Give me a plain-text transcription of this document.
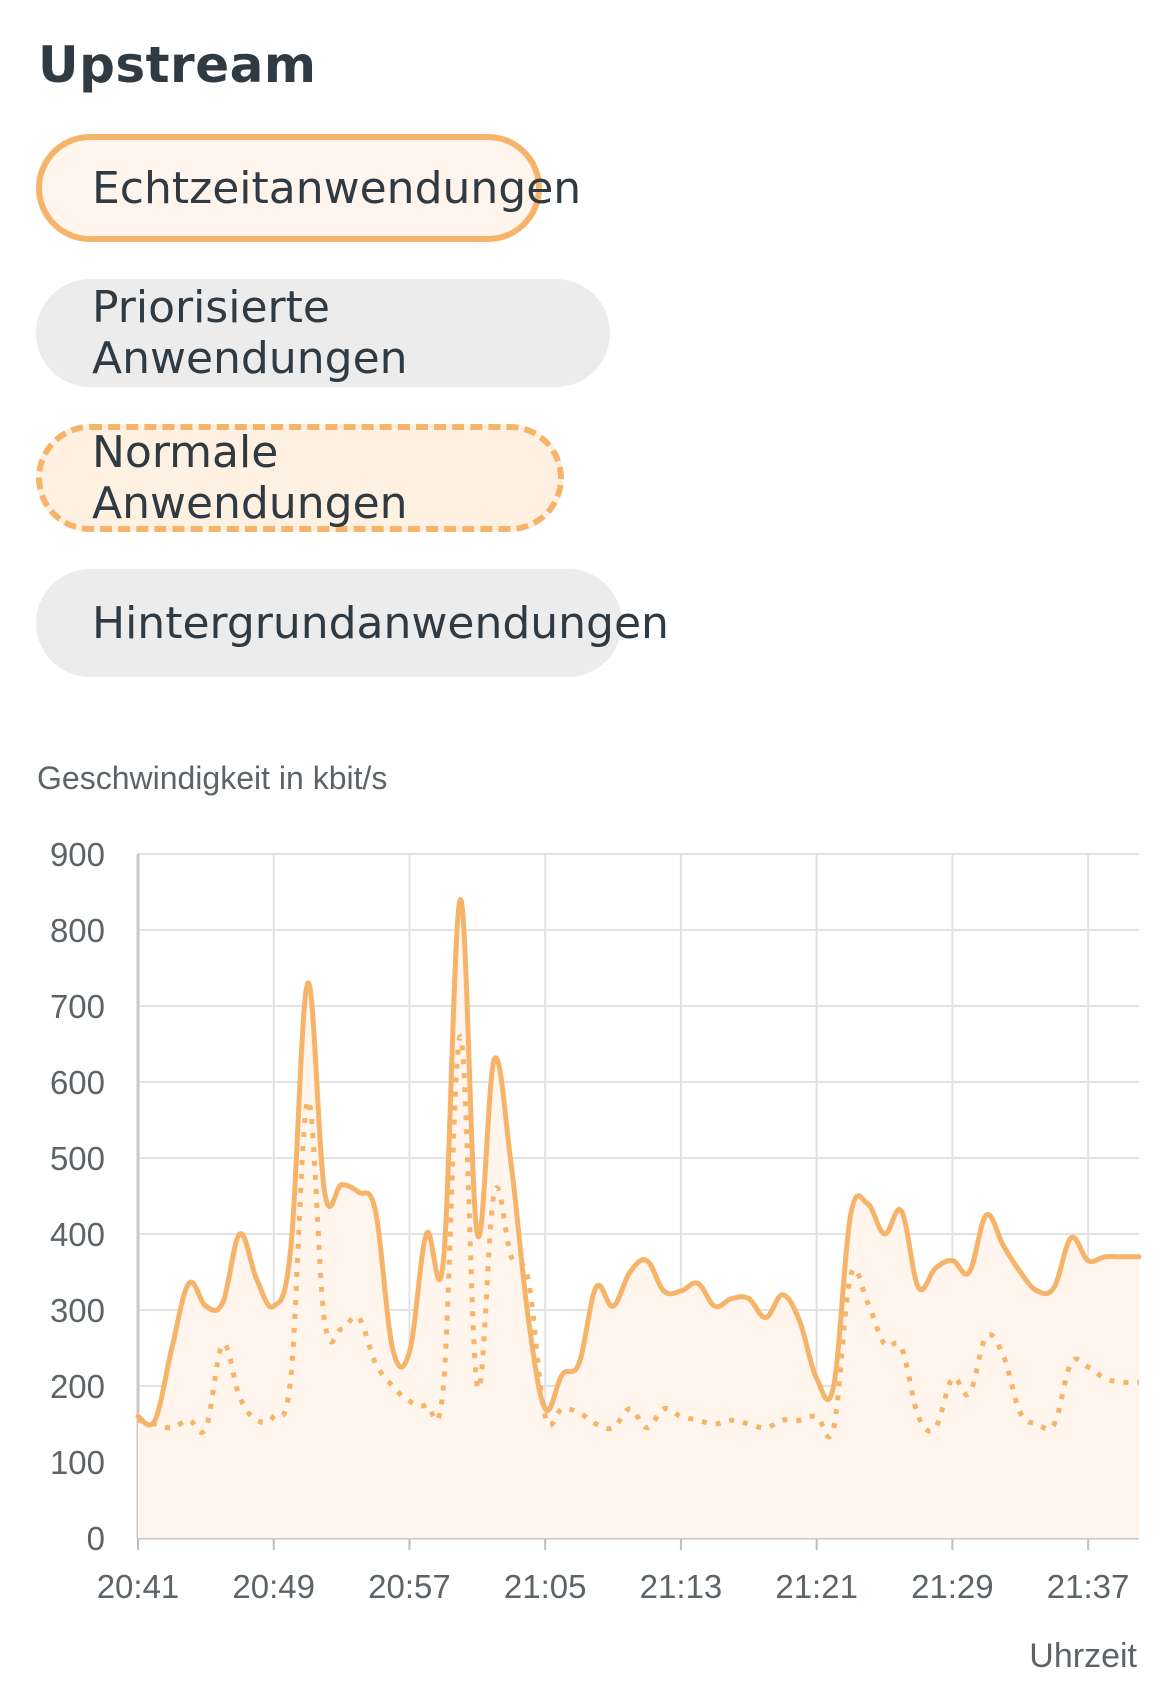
Upstream
Echtzeitanwendungen
Priorisierte Anwendungen
Normale Anwendungen
Hintergrundanwendungen
Geschwindigkeit in kbit/s
0
100
200
300
400
500
600
700
800
900
20:41 20:49 20:57 21:05 21:13 21:21 21:29 21:37
Uhrzeit
